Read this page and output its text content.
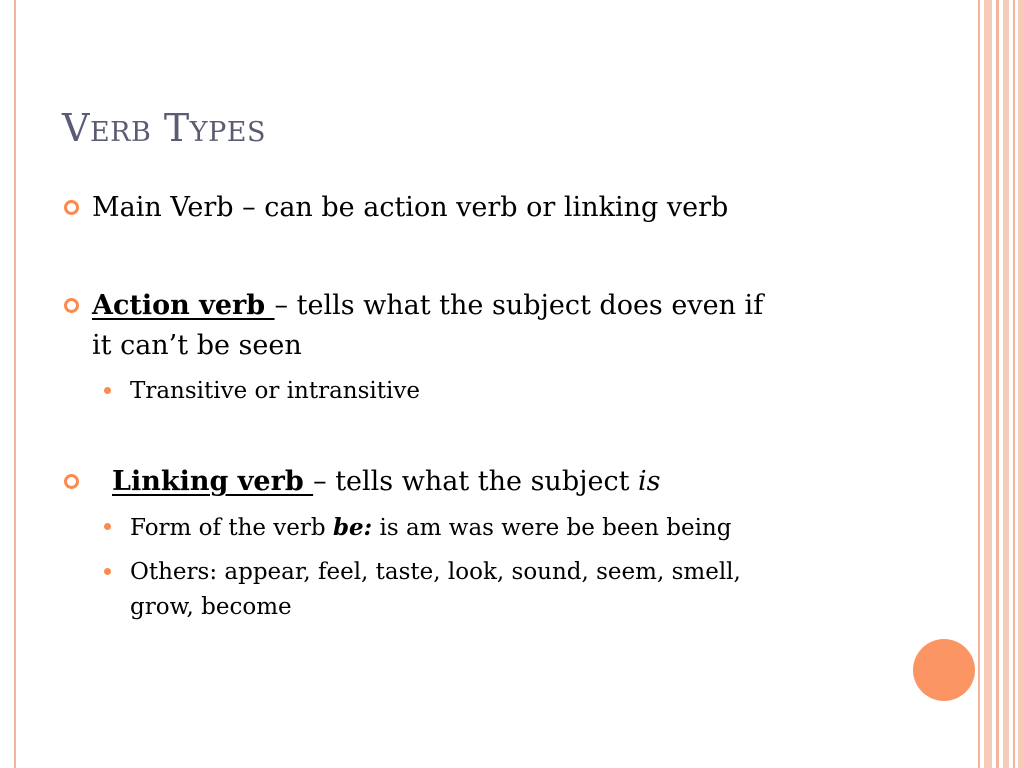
Verb Types
Main Verb – can be action verb or linking verb
Action verb – tells what the subject does even if
it can’t be seen
Transitive or intransitive
Linking verb – tells what the subject is
Form of the verb be: is am was were be been being
Others: appear, feel, taste, look, sound, seem, smell,
grow, become
